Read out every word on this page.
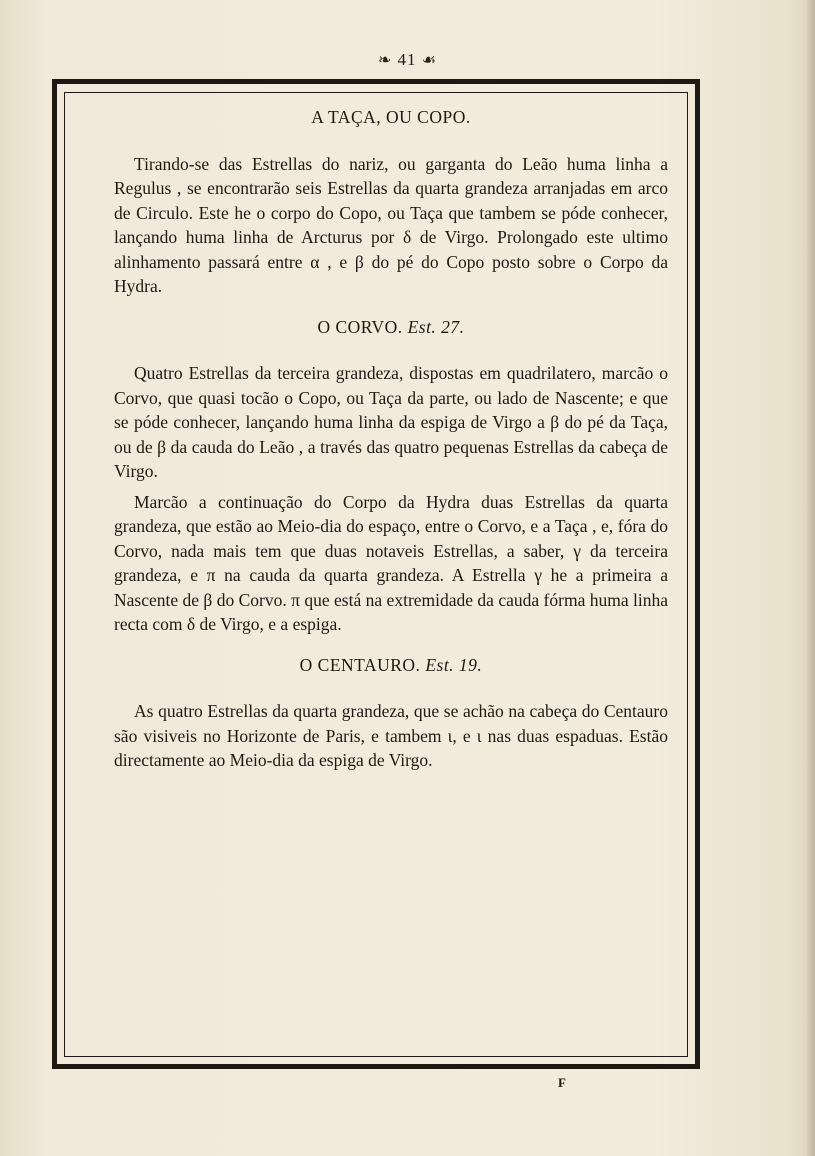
❧ 41 ☙
A TAÇA, OU COPO.

Tirando-se das Estrellas do nariz, ou garganta do Leão huma linha a Regulus , se encontrarão seis Estrellas da quarta grandeza arranjadas em arco de Circulo. Este he o corpo do Copo, ou Taça que tambem se póde conhecer, lançando huma linha de Arcturus por δ de Virgo. Prolongado este ultimo alinhamento passará entre α , e β do pé do Copo posto sobre o Corpo da Hydra.

O CORVO. Est. 27.

Quatro Estrellas da terceira grandeza, dispostas em quadrilatero, marcão o Corvo, que quasi tocão o Copo, ou Taça da parte, ou lado de Nascente; e que se póde conhecer, lançando huma linha da espiga de Virgo a β do pé da Taça, ou de β da cauda do Leão , a través das quatro pequenas Estrellas da cabeça de Virgo.

Marcão a continuação do Corpo da Hydra duas Estrellas da quarta grandeza, que estão ao Meio-dia do espaço, entre o Corvo, e a Taça , e, fóra do Corvo, nada mais tem que duas notaveis Estrellas, a saber, γ da terceira grandeza, e π na cauda da quarta grandeza. A Estrella γ he a primeira a Nascente de β do Corvo. π que está na extremidade da cauda fórma huma linha recta com δ de Virgo, e a espiga.

O CENTAURO. Est. 19.

As quatro Estrellas da quarta grandeza, que se achão na cabeça do Centauro são visiveis no Horizonte de Paris, e tambem ι, e ι nas duas espaduas. Estão directamente ao Meio-dia da espiga de Virgo.

F
